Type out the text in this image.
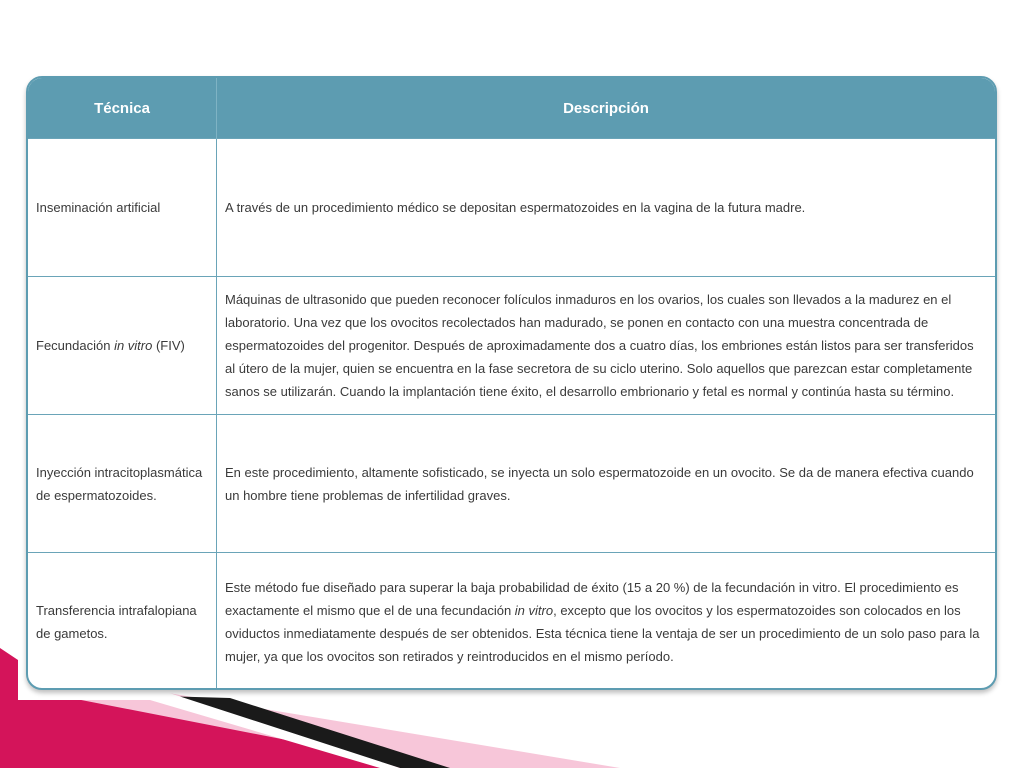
Técnica	Descripción
Inseminación artificial	A través de un procedimiento médico se depositan espermatozoides en la vagina de la futura madre.
Fecundación in vitro (FIV)	Máquinas de ultrasonido que pueden reconocer folículos inmaduros en los ovarios, los cuales son llevados a la madurez en el laboratorio. Una vez que los ovocitos recolectados han madurado, se ponen en contacto con una muestra concentrada de espermatozoides del progenitor. Después de aproximadamente dos a cuatro días, los embriones están listos para ser transferidos al útero de la mujer, quien se encuentra en la fase secretora de su ciclo uterino. Solo aquellos que parezcan estar completamente sanos se utilizarán. Cuando la implantación tiene éxito, el desarrollo embrionario y fetal es normal y continúa hasta su término.
Inyección intracitoplasmática de espermatozoides.	En este procedimiento, altamente sofisticado, se inyecta un solo espermatozoide en un ovocito. Se da de manera efectiva cuando un hombre tiene problemas de infertilidad graves.
Transferencia intrafalopiana de gametos.	Este método fue diseñado para superar la baja probabilidad de éxito (15 a 20 %) de la fecundación in vitro. El procedimiento es exactamente el mismo que el de una fecundación in vitro, excepto que los ovocitos y los espermatozoides son colocados en los oviductos inmediatamente después de ser obtenidos. Esta técnica tiene la ventaja de ser un procedimiento de un solo paso para la mujer, ya que los ovocitos son retirados y reintroducidos en el mismo período.
